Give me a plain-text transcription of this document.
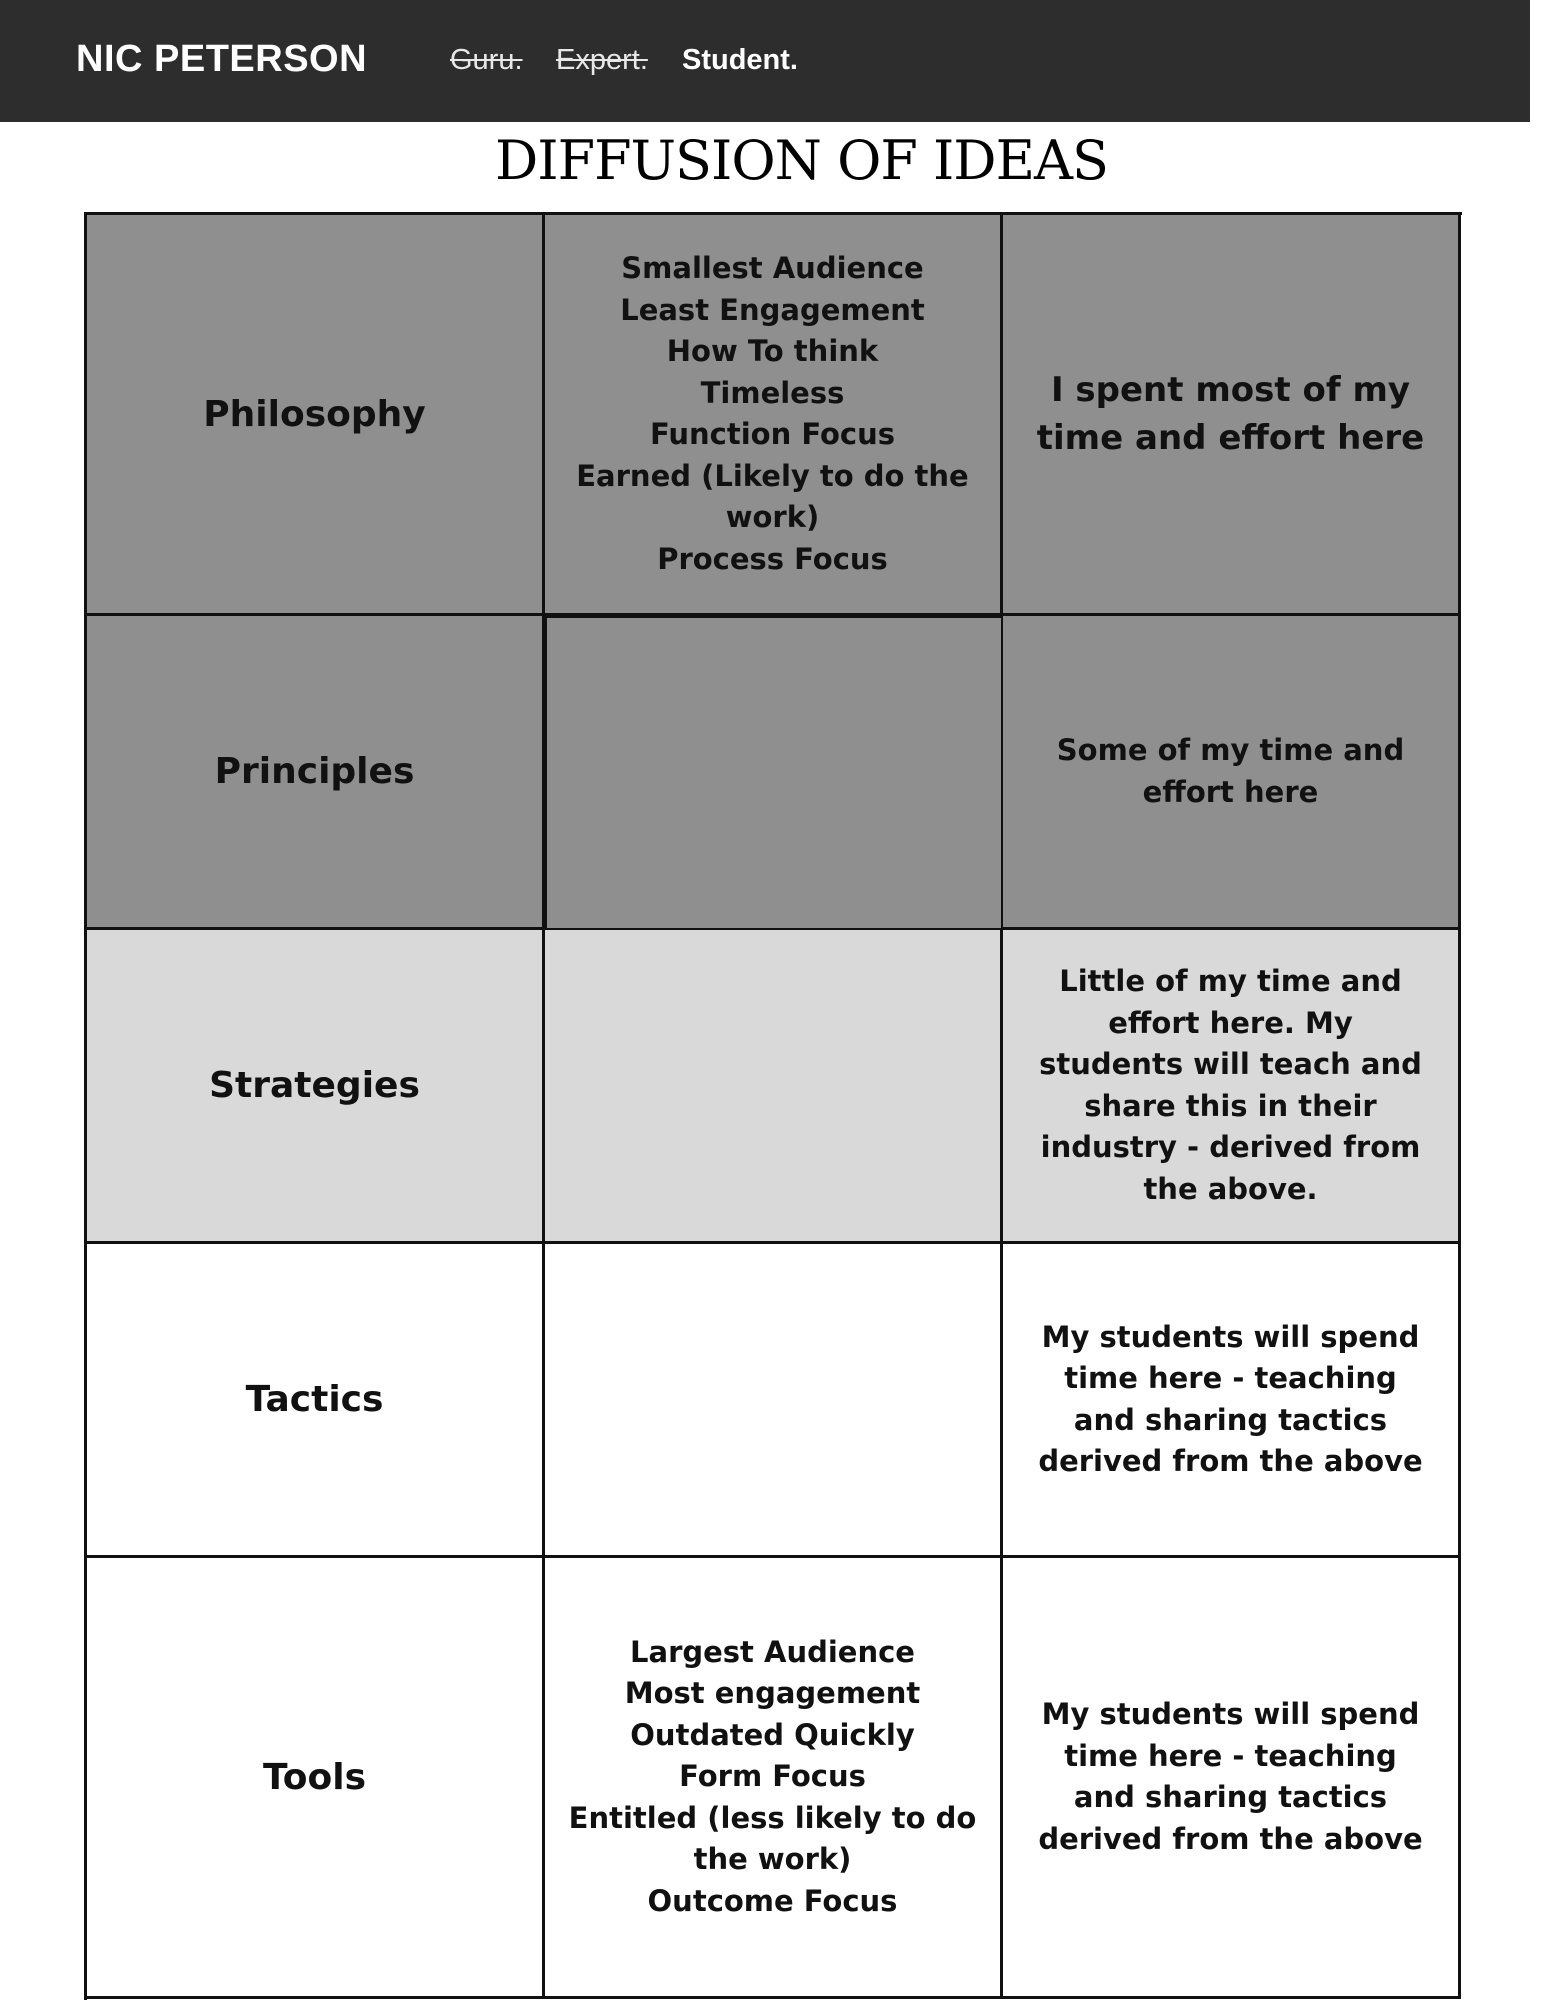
NIC PETERSON	Guru. Expert. Student.
DIFFUSION OF IDEAS
Philosophy
Smallest Audience
Least Engagement
How To think
Timeless
Function Focus
Earned (Likely to do the work)
Process Focus
I spent most of my time and effort here
Principles
Some of my time and effort here
Strategies
Little of my time and effort here. My students will teach and share this in their industry - derived from the above.
Tactics
My students will spend time here - teaching and sharing tactics derived from the above
Tools
Largest Audience
Most engagement
Outdated Quickly
Form Focus
Entitled (less likely to do the work)
Outcome Focus
My students will spend time here - teaching and sharing tactics derived from the above
